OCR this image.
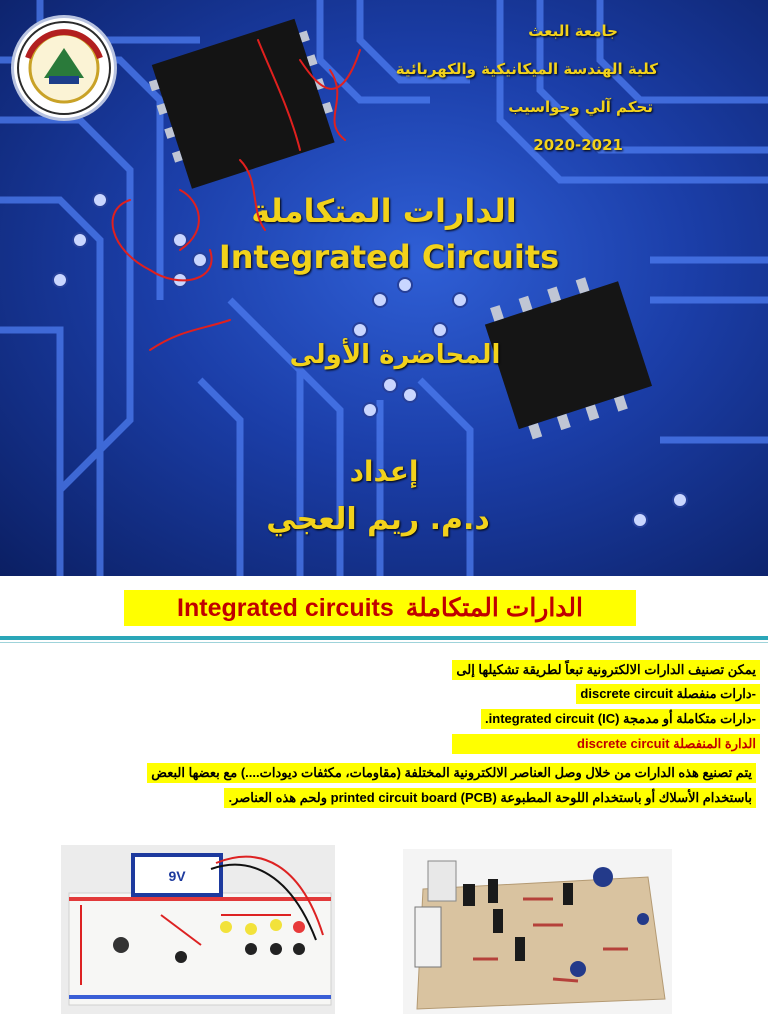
جامعة البعث
كلية الهندسة الميكانيكية والكهربائية
تحكم آلي وحواسيب
2020-2021
الدارات المتكاملة
Integrated Circuits
المحاضرة الأولى
إعداد
د.م. ريم العجي
الدارات المتكاملة
Integrated circuits
يمكن تصنيف الدارات الالكترونية تبعاً لطريقة تشكيلها إلى
-دارات منفصلة discrete circuit
-دارات متكاملة أو مدمجة integrated circuit (IC).
الدارة المنفصلة discrete circuit
يتم تصنيع هذه الدارات من خلال وصل العناصر الالكترونية المختلفة (مقاومات، مكثفات ديودات....) مع بعضها البعض
باستخدام الأسلاك أو باستخدام اللوحة المطبوعة printed circuit board (PCB) ولحم هذه العناصر.
9V
